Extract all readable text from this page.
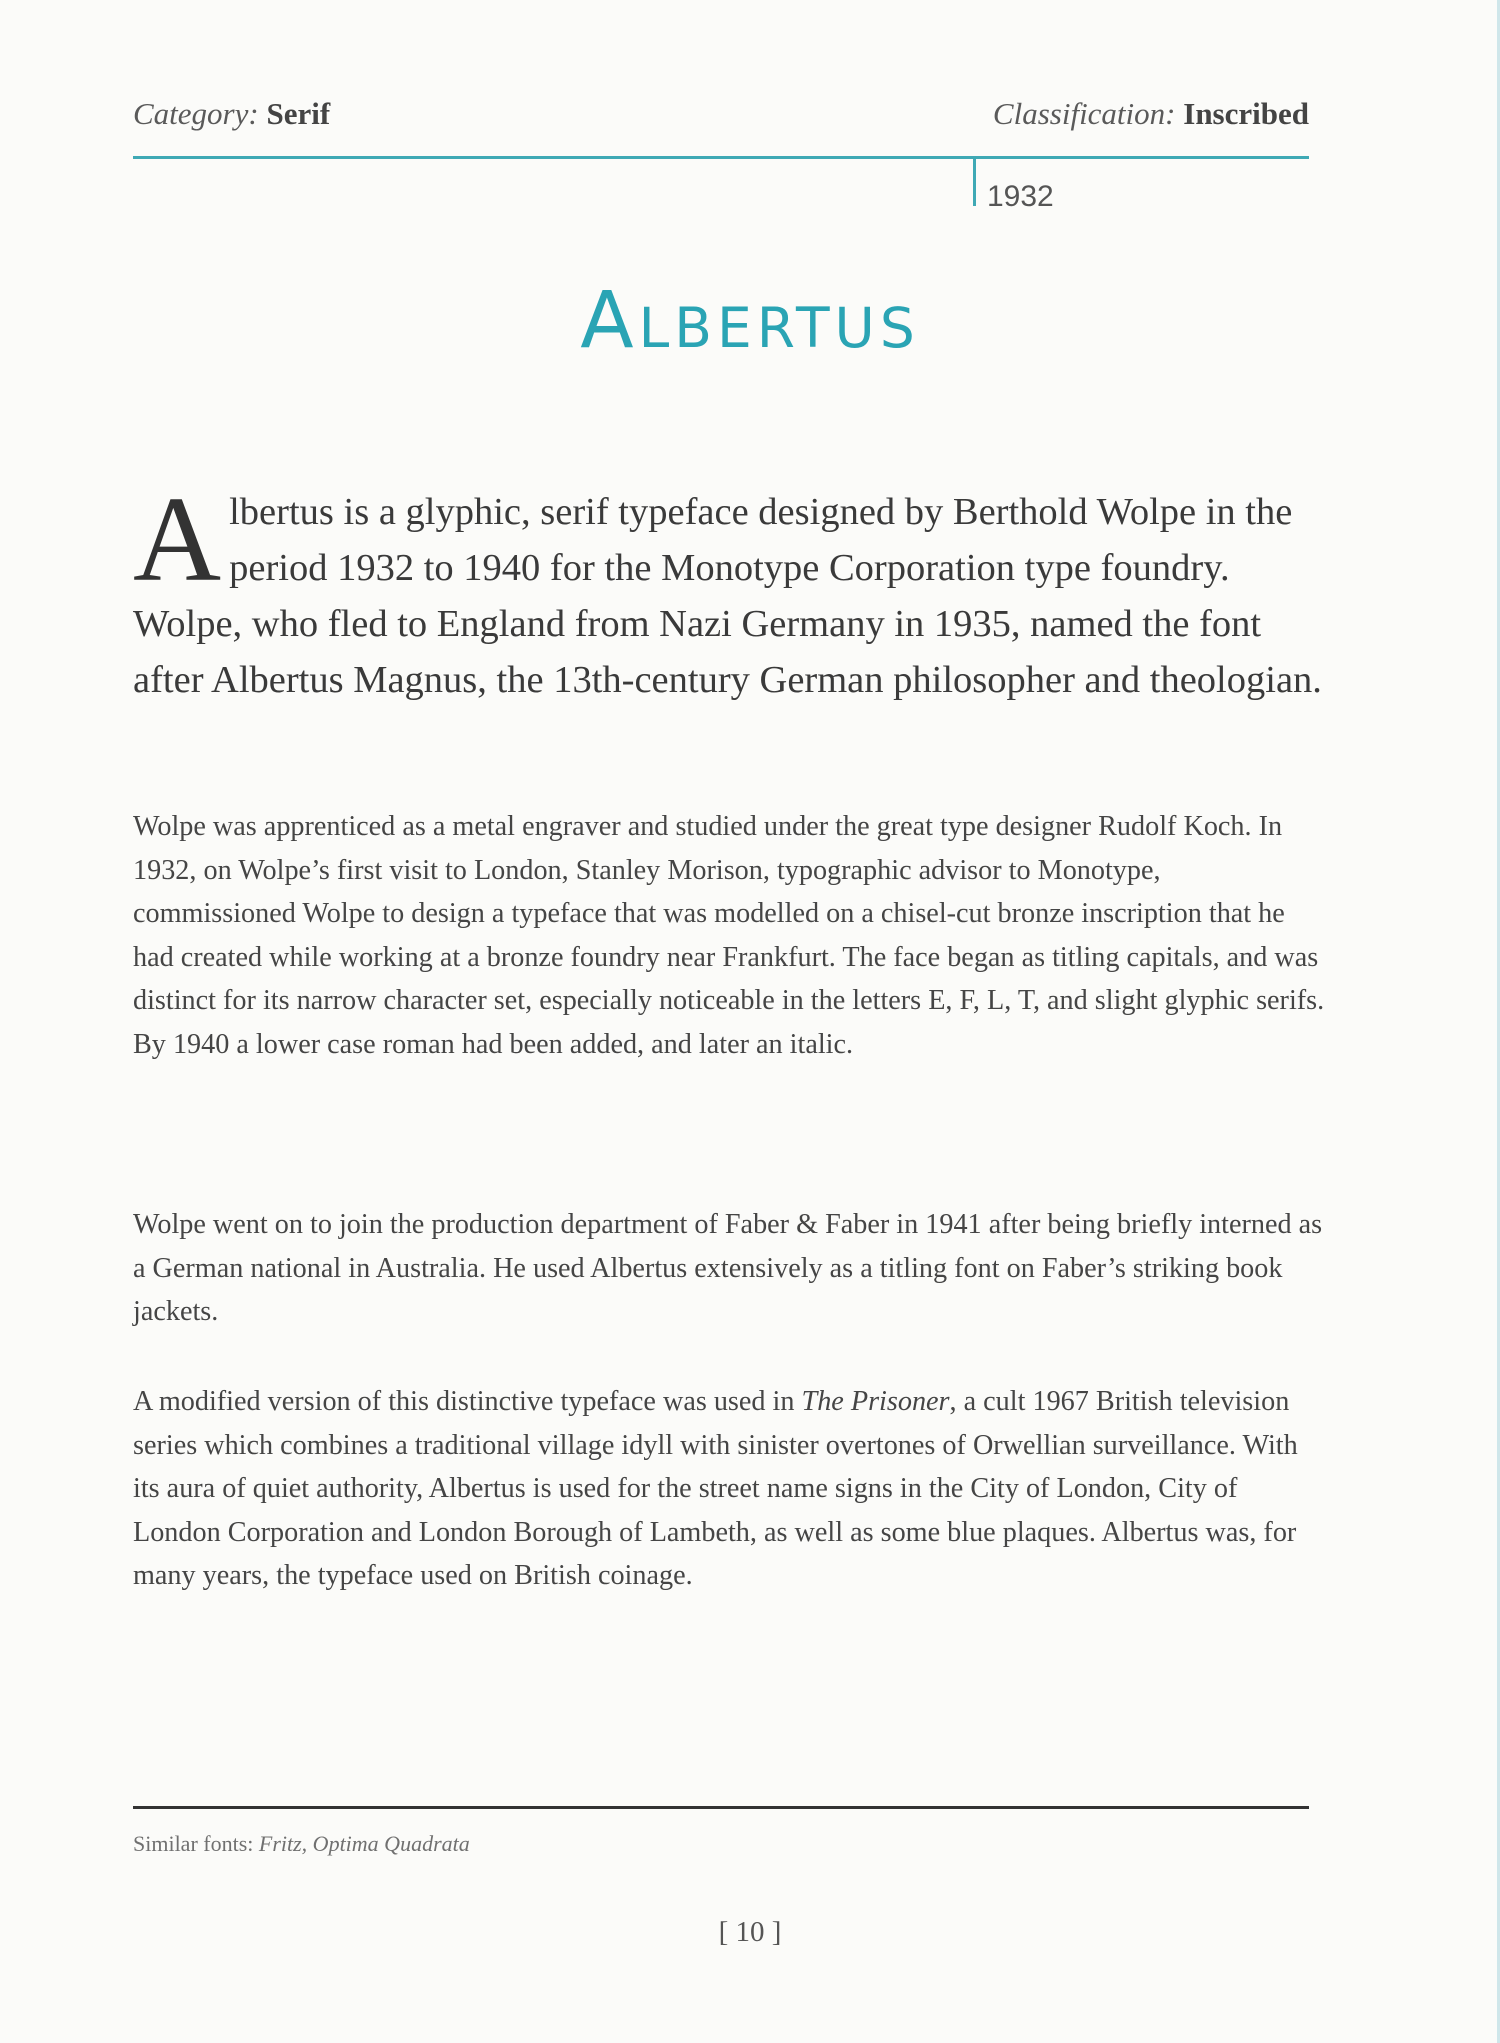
Category: Serif	Classification: Inscribed
1932
Albertus
Albertus is a glyphic, serif typeface designed by Berthold Wolpe in the period 1932 to 1940 for the Monotype Corporation type foundry. Wolpe, who fled to England from Nazi Germany in 1935, named the font after Albertus Magnus, the 13th-century German philosopher and theologian.

Wolpe was apprenticed as a metal engraver and studied under the great type designer Rudolf Koch. In 1932, on Wolpe’s first visit to London, Stanley Morison, typographic advisor to Monotype, commissioned Wolpe to design a typeface that was modelled on a chisel-cut bronze inscription that he had created while working at a bronze foundry near Frankfurt. The face began as titling capitals, and was distinct for its narrow character set, especially noticeable in the letters E, F, L, T, and slight glyphic serifs. By 1940 a lower case roman had been added, and later an italic.

Wolpe went on to join the production department of Faber & Faber in 1941 after being briefly interned as a German national in Australia. He used Albertus extensively as a titling font on Faber’s striking book jackets.

A modified version of this distinctive typeface was used in The Prisoner, a cult 1967 British television series which combines a traditional village idyll with sinister overtones of Orwellian surveillance. With its aura of quiet authority, Albertus is used for the street name signs in the City of London, City of London Corporation and London Borough of Lambeth, as well as some blue plaques. Albertus was, for many years, the typeface used on British coinage.

Similar fonts: Fritz, Optima Quadrata
[ 10 ]
